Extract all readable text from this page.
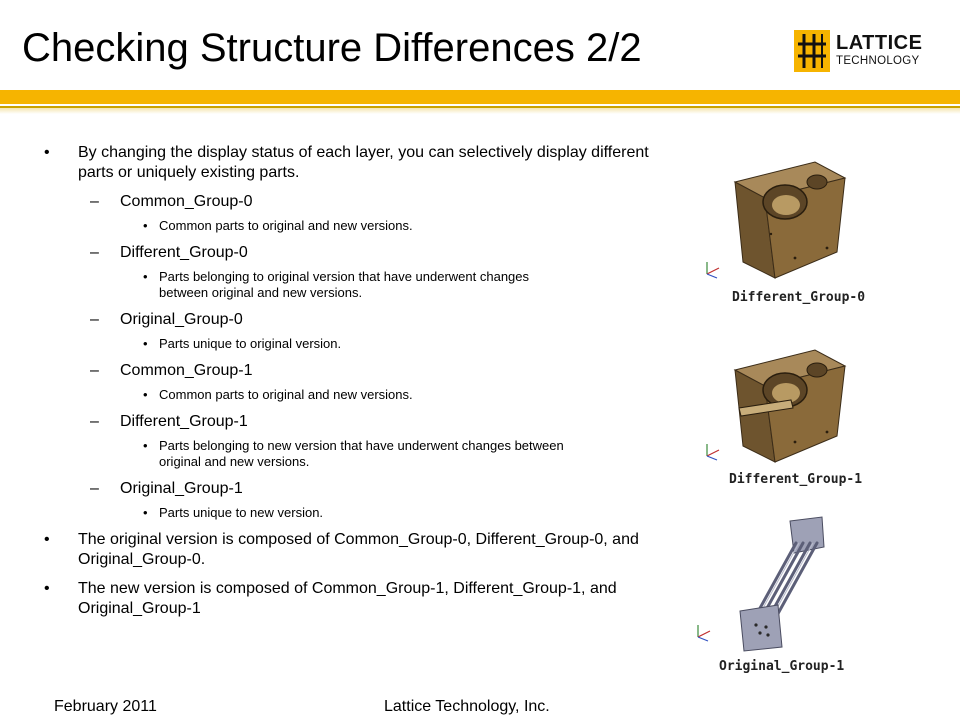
Checking Structure Differences 2/2	LATTICE
TECHNOLOGY
• By changing the display status of each layer, you can selectively display different parts or uniquely existing parts.
– Common_Group-0
• Common parts to original and new versions.
– Different_Group-0
• Parts belonging to original version that have underwent changes between original and new versions.
– Original_Group-0
• Parts unique to original version.
– Common_Group-1
• Common parts to original and new versions.
– Different_Group-1
• Parts belonging to new version that have underwent changes between original and new versions.
– Original_Group-1
• Parts unique to new version.
• The original version is composed of Common_Group-0, Different_Group-0, and Original_Group-0.
• The new version is composed of Common_Group-1, Different_Group-1, and Original_Group-1
Different_Group-0
Different_Group-1
Original_Group-1
February 2011	Lattice Technology, Inc.
